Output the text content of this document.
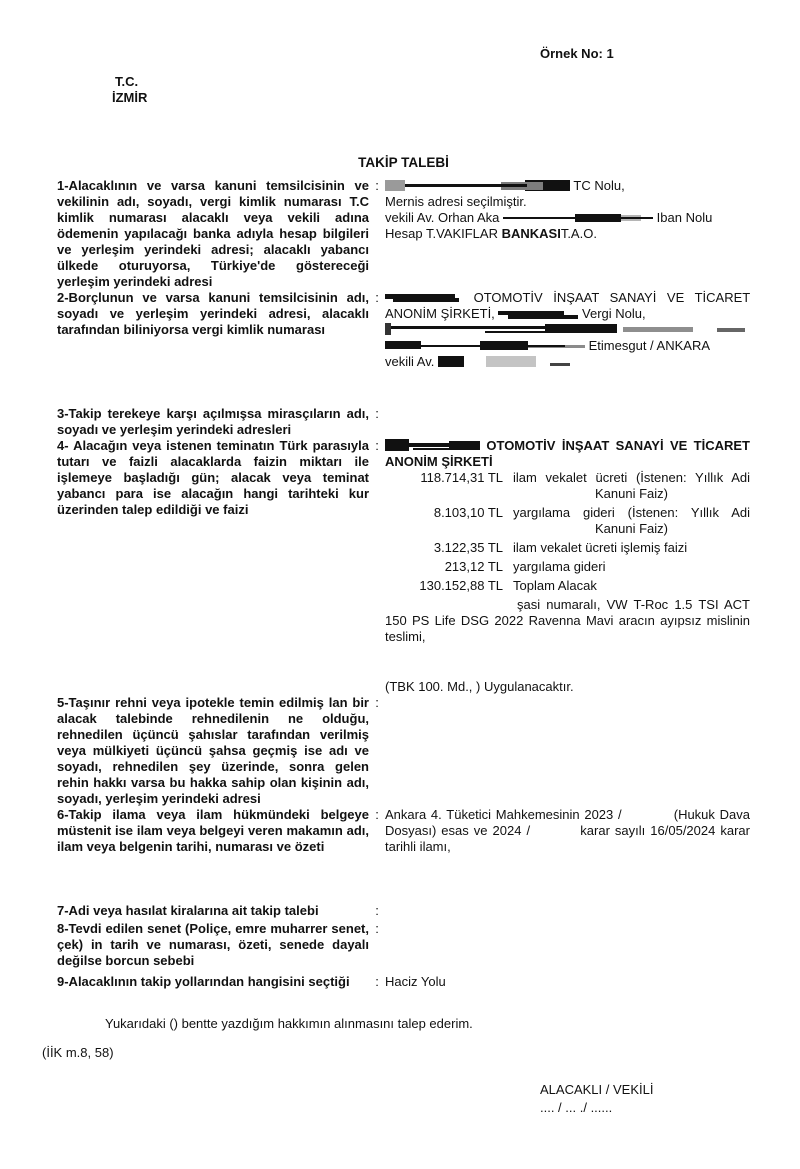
Örnek No: 1
T.C.
İZMİR

TAKİP TALEBİ

1-Alacaklının ve varsa kanuni temsilcisinin ve vekilinin adı, soyadı, vergi kimlik numarası T.C kimlik numarası alacaklı veya vekili adına ödemenin yapılacağı banka adıyla hesap bilgileri ve yerleşim yerindeki adresi; alacaklı yabancı ülkede oturuyorsa, Türkiye'de göstereceği yerleşim yerindeki adresi
:	TC Nolu,

Mernis adresi seçilmiştir.

vekili Av. Orhan Aka	Iban Nolu

Hesap T.VAKIFLAR BANKASIT.A.O.

2-Borçlunun ve varsa kanuni temsilcisinin adı, soyadı ve yerleşim yerindeki adresi, alacaklı tarafından biliniyorsa vergi kimlik numarası
:	OTOMOTİV İNŞAAT SANAYİ VE TİCARET ANONİM ŞİRKETİ,	Vergi Nolu,

Etimesgut / ANKARA

vekili Av.

3-Takip terekeye karşı açılmışsa mirasçıların adı, soyadı ve yerleşim yerindeki adresleri
:
4- Alacağın veya istenen teminatın Türk parasıyla tutarı ve faizli alacaklarda faizin miktarı ile işlemeye başladığı gün; alacak veya teminat yabancı para ise alacağın hangi tarihteki kur üzerinden talep edildiği ve faizi
:	OTOMOTİV İNŞAAT SANAYİ VE TİCARET ANONİM ŞİRKETİ

118.714,31 TL ilam vekalet ücreti (İstenen: Yıllık Adi Kanuni Faiz)
8.103,10 TL yargılama gideri (İstenen: Yıllık Adi Kanuni Faiz)
3.122,35 TL ilam vekalet ücreti işlemiş faizi
213,12 TL yargılama gideri
130.152,88 TL Toplam Alacak

şasi numaralı, VW T-Roc 1.5 TSI ACT 150 PS Life DSG 2022 Ravenna Mavi aracın ayıpsız mislinin teslimi,

(TBK 100. Md., ) Uygulanacaktır.

5-Taşınır rehni veya ipotekle temin edilmiş lan bir alacak talebinde rehnedilenin ne olduğu, rehnedilen üçüncü şahıslar tarafından verilmiş veya mülkiyeti üçüncü şahsa geçmiş ise adı ve soyadı, rehnedilen şey üzerinde, sonra gelen rehin hakkı varsa bu hakka sahip olan kişinin adı, soyadı, yerleşim yerindeki adresi
:
6-Takip ilama veya ilam hükmündeki belgeye müstenit ise ilam veya belgeyi veren makamın adı, ilam veya belgenin tarihi, numarası ve özeti
: Ankara 4. Tüketici Mahkemesinin 2023 /           (Hukuk Dava Dosyası) esas ve 2024 /          karar sayılı 16/05/2024 karar tarihli ilamı,

7-Adi veya hasılat kiralarına ait takip talebi	:
8-Tevdi edilen senet (Poliçe, emre muharrer senet, çek) in tarih ve numarası, özeti, senede dayalı değilse borcun sebebi
:
9-Alacaklının takip yollarından hangisini seçtiği	: Haciz Yolu

Yukarıdaki () bentte yazdığım hakkımın alınmasını talep ederim.

(İİK m.8, 58)

ALACAKLI / VEKİLİ
.... / ... ./ ......
